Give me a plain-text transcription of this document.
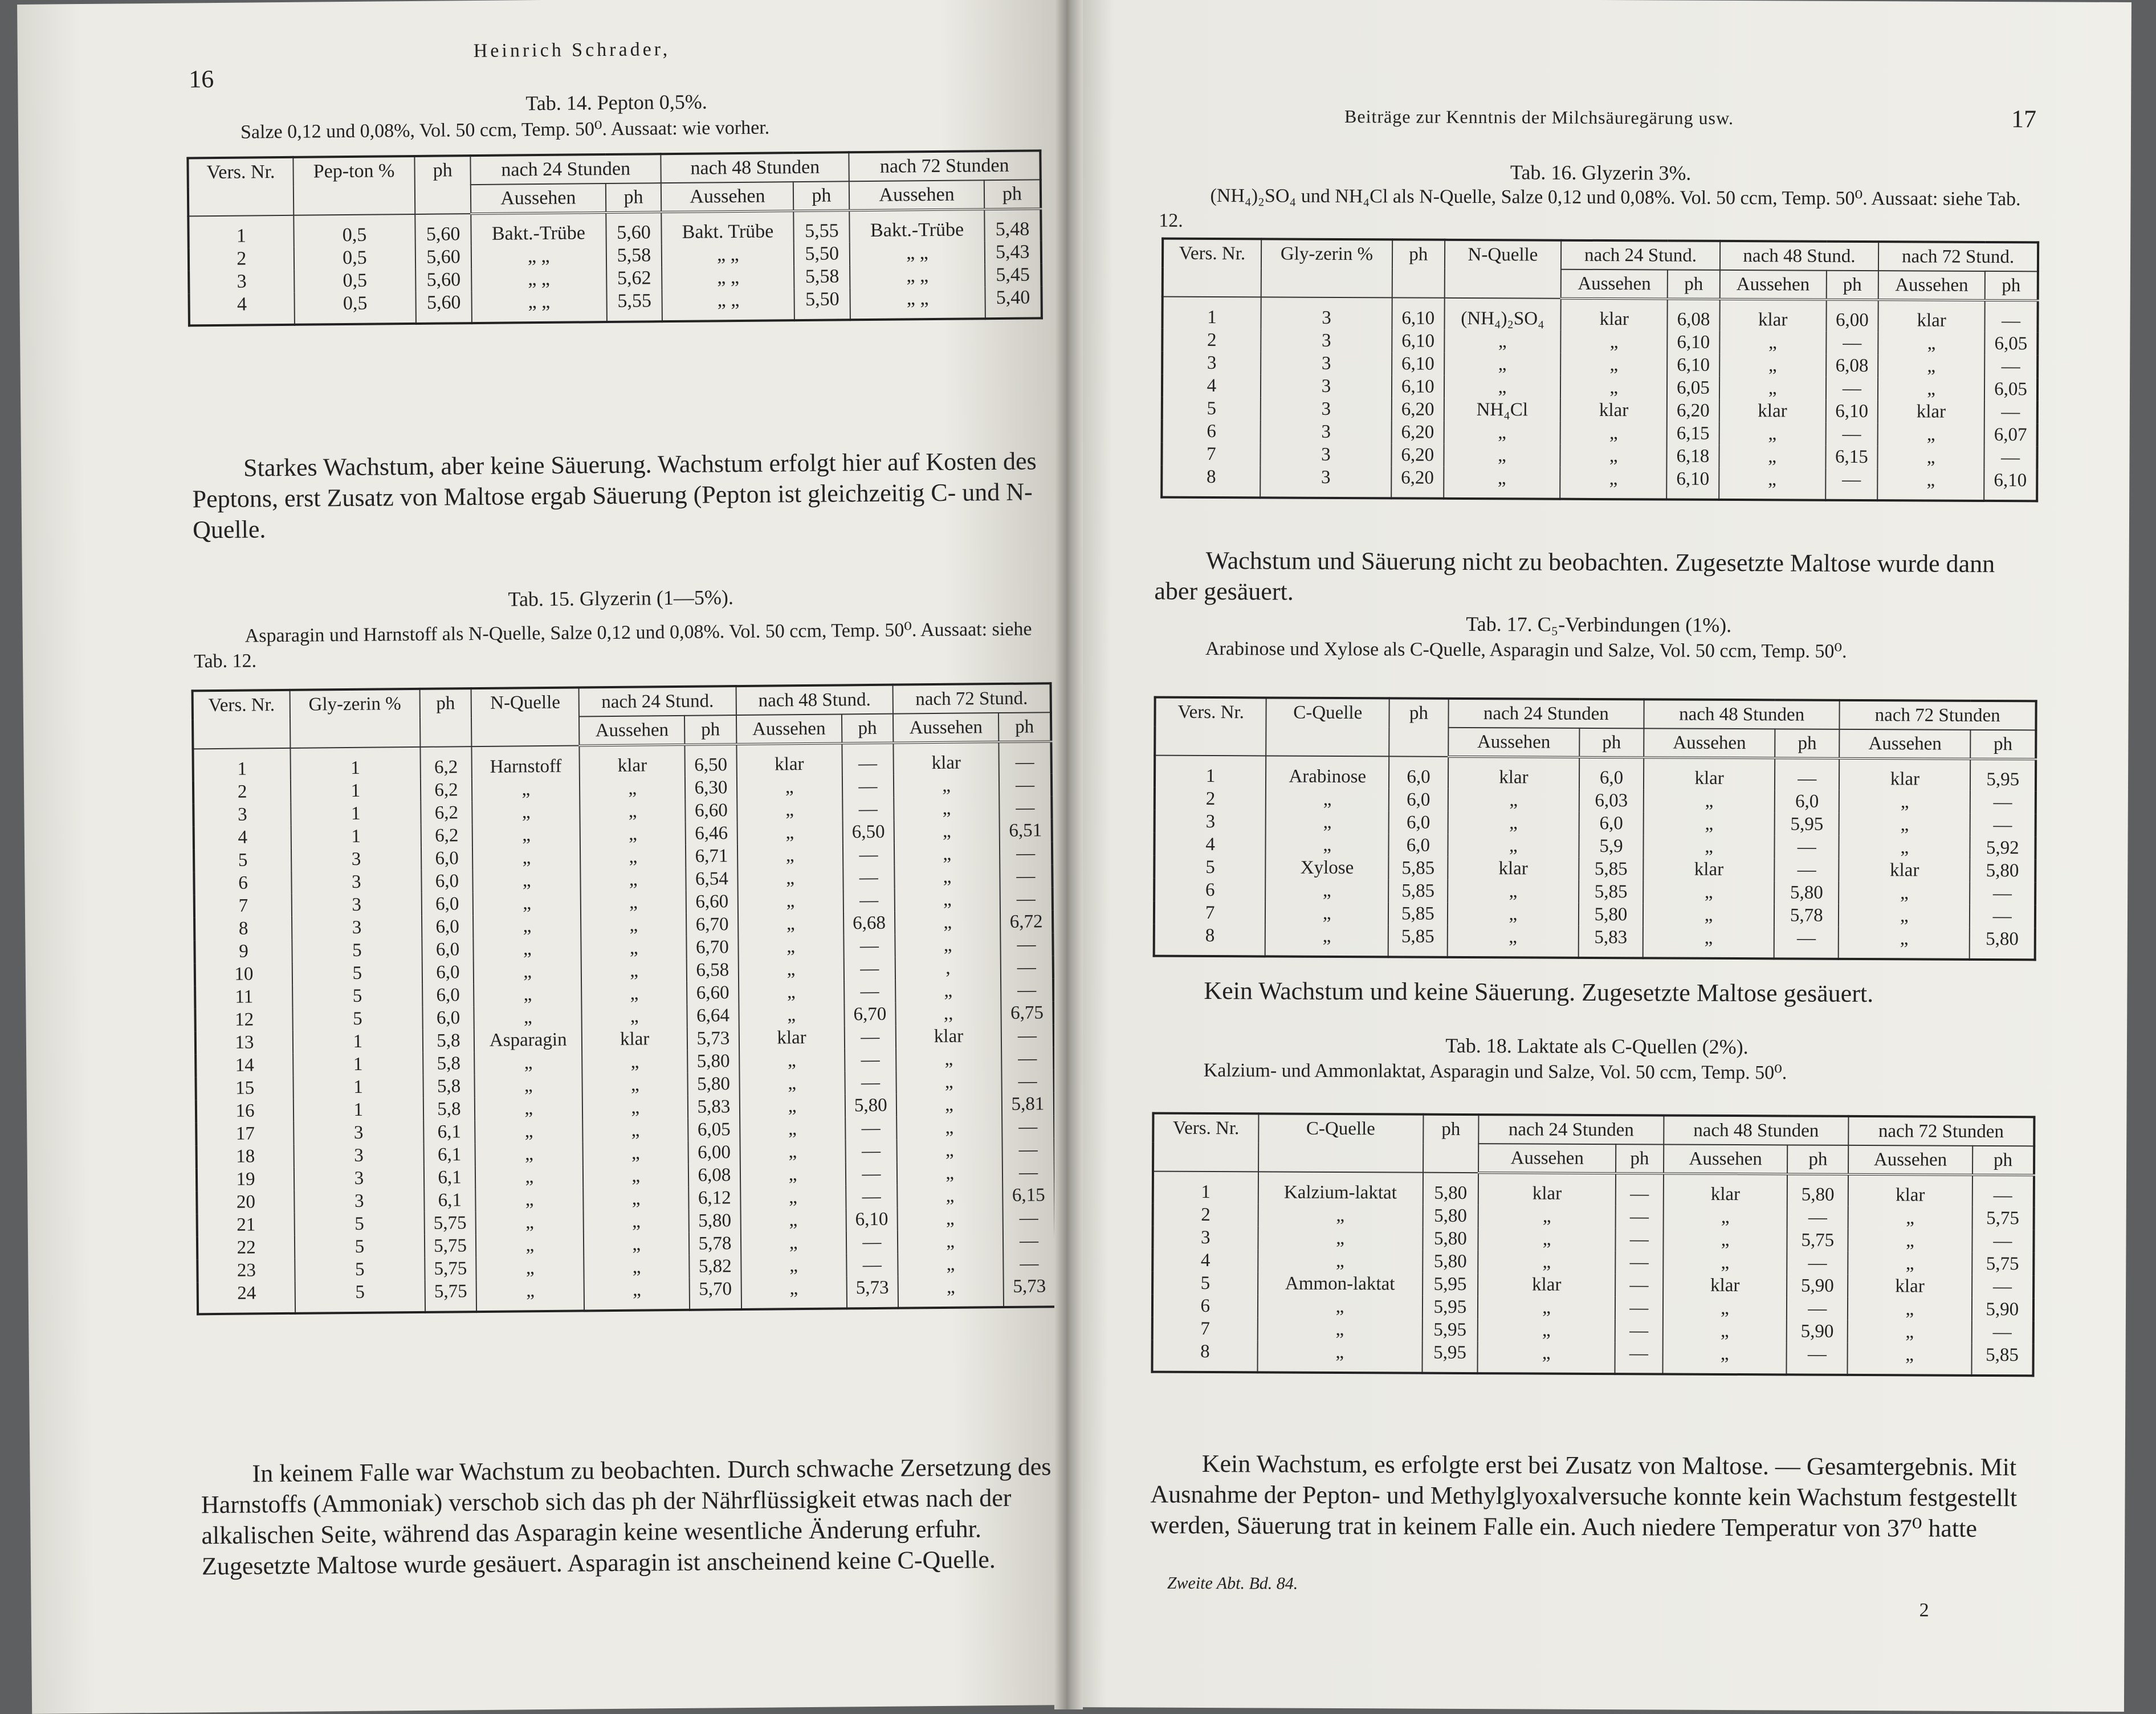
16
Heinrich Schrader,
Tab. 14. Pepton 0,5%.
Salze 0,12 und 0,08%, Vol. 50 ccm, Temp. 50⁰. Aussaat: wie vorher.
Vers. Nr.	Pep-ton %	ph	nach 24 Stunden		nach 48 Stunden		nach 72 Stunden	
			Aussehen	ph	Aussehen	ph	Aussehen	ph
1	0,5	5,60	Bakt.-Trübe	5,60	Bakt. Trübe	5,55	Bakt.-Trübe	5,48
2	0,5	5,60	„ „	5,58	„ „	5,50	„ „	5,43
3	0,5	5,60	„ „	5,62	„ „	5,58	„ „	5,45
4	0,5	5,60	„ „	5,55	„ „	5,50	„ „	5,40
Starkes Wachstum, aber keine Säuerung. Wachstum erfolgt hier auf Kosten des Peptons, erst Zusatz von Maltose ergab Säuerung (Pepton ist gleichzeitig C- und N-Quelle.
Tab. 15. Glyzerin (1—5%).
Asparagin und Harnstoff als N-Quelle, Salze 0,12 und 0,08%. Vol. 50 ccm, Temp. 50⁰. Aussaat: siehe Tab. 12.
Vers. Nr.	Gly-zerin %	ph	N-Quelle	nach 24 Stund.		nach 48 Stund.		nach 72 Stund.	
				Aussehen	ph	Aussehen	ph	Aussehen	ph
1	1	6,2	Harnstoff	klar	6,50	klar	—	klar	—
2	1	6,2	„	„	6,30	„	—	„	—
3	1	6,2	„	„	6,60	„	—	„	—
4	1	6,2	„	„	6,46	„	6,50	„	6,51
5	3	6,0	„	„	6,71	„	—	„	—
6	3	6,0	„	„	6,54	„	—	„	—
7	3	6,0	„	„	6,60	„	—	„	—
8	3	6,0	„	„	6,70	„	6,68	„	6,72
9	5	6,0	„	„	6,70	„	—	„	—
10	5	6,0	„	„	6,58	„	—	,	—
11	5	6,0	„	„	6,60	„	—	„	—
12	5	6,0	„	„	6,64	„	6,70	,,	6,75
13	1	5,8	Asparagin	klar	5,73	klar	—	klar	—
14	1	5,8	„	„	5,80	„	—	„	—
15	1	5,8	„	„	5,80	„	—	„	—
16	1	5,8	„	„	5,83	„	5,80	„	5,81
17	3	6,1	„	„	6,05	„	—	„	—
18	3	6,1	„	„	6,00	„	—	„	—
19	3	6,1	„	„	6,08	„	—	„	—
20	3	6,1	„	„	6,12	„	—	„	6,15
21	5	5,75	„	„	5,80	„	6,10	„	—
22	5	5,75	„	„	5,78	„	—	„	—
23	5	5,75	„	„	5,82	„	—	„	—
24	5	5,75	„	„	5,70	„	5,73	„	5,73
In keinem Falle war Wachstum zu beobachten. Durch schwache Zersetzung des Harnstoffs (Ammoniak) verschob sich das ph der Nährflüssigkeit etwas nach der alkalischen Seite, während das Asparagin keine wesentliche Änderung erfuhr. Zugesetzte Maltose wurde gesäuert. Asparagin ist anscheinend keine C-Quelle.
Beiträge zur Kenntnis der Milchsäuregärung usw.	17
Tab. 16. Glyzerin 3%.
(NH₄)₂SO₄ und NH₄Cl als N-Quelle, Salze 0,12 und 0,08%. Vol. 50 ccm, Temp. 50⁰. Aussaat: siehe Tab. 12.
Vers. Nr.	Gly-zerin %	ph	N-Quelle	nach 24 Stund.		nach 48 Stund.		nach 72 Stund.	
				Aussehen	ph	Aussehen	ph	Aussehen	ph
1	3	6,10	(NH₄)₂SO₄	klar	6,08	klar	6,00	klar	—
2	3	6,10	„	„	6,10	„	—	„	6,05
3	3	6,10	„	„	6,10	„	6,08	„	—
4	3	6,10	„	„	6,05	„	—	„	6,05
5	3	6,20	NH₄Cl	klar	6,20	klar	6,10	klar	—
6	3	6,20	„	„	6,15	„	—	„	6,07
7	3	6,20	„	„	6,18	„	6,15	„	—
8	3	6,20	„	„	6,10	„	—	„	6,10
Wachstum und Säuerung nicht zu beobachten. Zugesetzte Maltose wurde dann aber gesäuert.
Tab. 17. C₅-Verbindungen (1%).
Arabinose und Xylose als C-Quelle, Asparagin und Salze, Vol. 50 ccm, Temp. 50⁰.
Vers. Nr.	C-Quelle	ph	nach 24 Stunden		nach 48 Stunden		nach 72 Stunden	
			Aussehen	ph	Aussehen	ph	Aussehen	ph
1	Arabinose	6,0	klar	6,0	klar	—	klar	5,95
2	„	6,0	„	6,03	„	6,0	„	—
3	„	6,0	„	6,0	„	5,95	„	—
4	„	6,0	„	5,9	„	—	„	5,92
5	Xylose	5,85	klar	5,85	klar	—	klar	5,80
6	„	5,85	„	5,85	„	5,80	„	—
7	„	5,85	„	5,80	„	5,78	„	—
8	„	5,85	„	5,83	„	—	„	5,80
Kein Wachstum und keine Säuerung. Zugesetzte Maltose gesäuert.
Tab. 18. Laktate als C-Quellen (2%).
Kalzium- und Ammonlaktat, Asparagin und Salze, Vol. 50 ccm, Temp. 50⁰.
Vers. Nr.	C-Quelle	ph	nach 24 Stunden		nach 48 Stunden		nach 72 Stunden	
			Aussehen	ph	Aussehen	ph	Aussehen	ph
1	Kalzium-laktat	5,80	klar	—	klar	5,80	klar	—
2	„	5,80	„	—	„	—	„	5,75
3	„	5,80	„	—	„	5,75	„	—
4	„	5,80	„	—	„	—	„	5,75
5	Ammon-laktat	5,95	klar	—	klar	5,90	klar	—
6	„	5,95	„	—	„	—	„	5,90
7	„	5,95	„	—	„	5,90	„	—
8	„	5,95	„	—	„	—	„	5,85
Kein Wachstum, es erfolgte erst bei Zusatz von Maltose. — Gesamtergebnis. Mit Ausnahme der Pepton- und Methylglyoxalversuche konnte kein Wachstum festgestellt werden, Säuerung trat in keinem Falle ein. Auch niedere Temperatur von 37⁰ hatte
Zweite Abt. Bd. 84.
2
